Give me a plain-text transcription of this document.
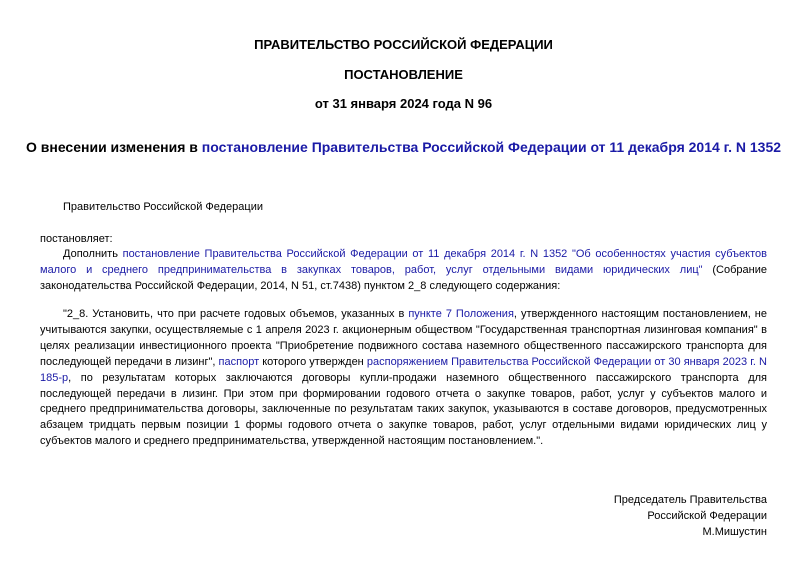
ПРАВИТЕЛЬСТВО РОССИЙСКОЙ ФЕДЕРАЦИИ
ПОСТАНОВЛЕНИЕ
от 31 января 2024 года N 96
О внесении изменения в постановление Правительства Российской Федерации от 11 декабря 2014 г. N 1352
Правительство Российской Федерации
постановляет:
Дополнить постановление Правительства Российской Федерации от 11 декабря 2014 г. N 1352 "Об особенностях участия субъектов малого и среднего предпринимательства в закупках товаров, работ, услуг отдельными видами юридических лиц" (Собрание законодательства Российской Федерации, 2014, N 51, ст.7438) пунктом 2_8 следующего содержания:
"2_8. Установить, что при расчете годовых объемов, указанных в пункте 7 Положения, утвержденного настоящим постановлением, не учитываются закупки, осуществляемые с 1 апреля 2023 г. акционерным обществом "Государственная транспортная лизинговая компания" в целях реализации инвестиционного проекта "Приобретение подвижного состава наземного общественного пассажирского транспорта для последующей передачи в лизинг", паспорт которого утвержден распоряжением Правительства Российской Федерации от 30 января 2023 г. N 185-р, по результатам которых заключаются договоры купли-продажи наземного общественного пассажирского транспорта для последующей передачи в лизинг. При этом при формировании годового отчета о закупке товаров, работ, услуг у субъектов малого и среднего предпринимательства договоры, заключенные по результатам таких закупок, указываются в составе договоров, предусмотренных абзацем тридцать первым позиции 1 формы годового отчета о закупке товаров, работ, услуг отдельными видами юридических лиц у субъектов малого и среднего предпринимательства, утвержденной настоящим постановлением.".
Председатель Правительства
Российской Федерации
М.Мишустин
